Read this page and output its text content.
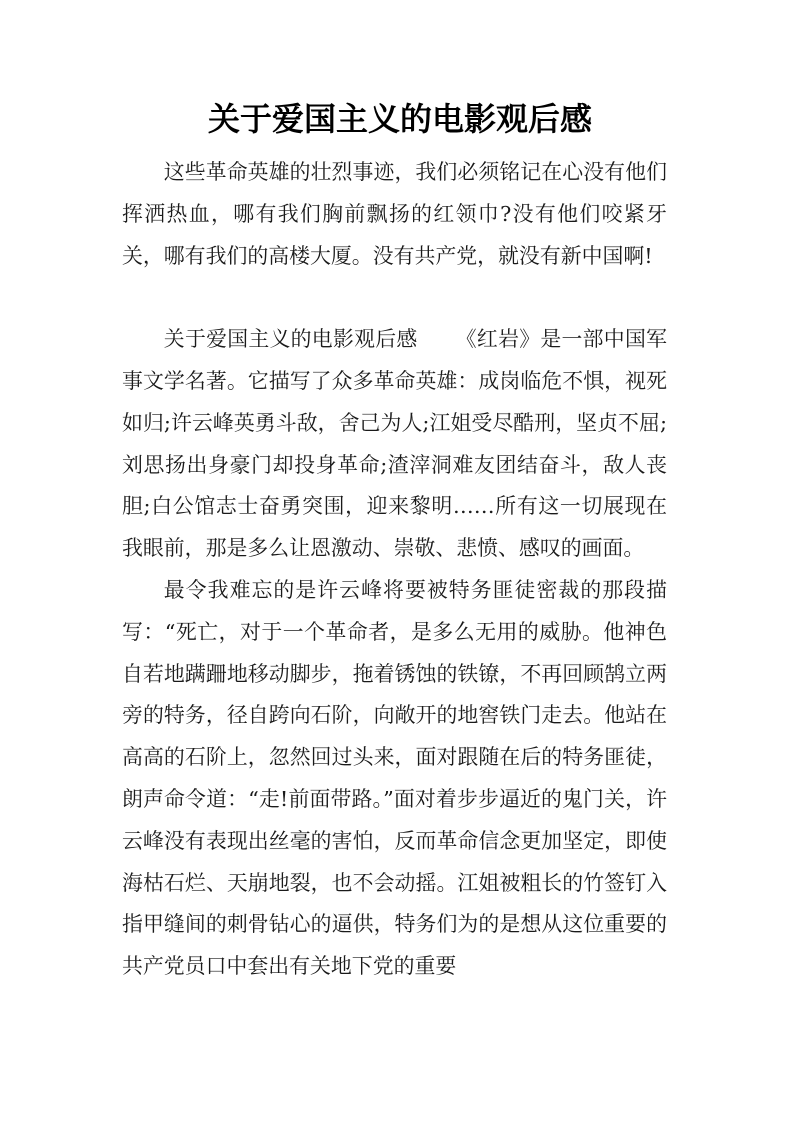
关于爱国主义的电影观后感

这些革命英雄的壮烈事迹，我们必须铭记在心没有他们挥洒热血，哪有我们胸前飘扬的红领巾?没有他们咬紧牙关，哪有我们的高楼大厦。没有共产党，就没有新中国啊!

关于爱国主义的电影观后感 《红岩》是一部中国军事文学名著。它描写了众多革命英雄：成岗临危不惧，视死如归;许云峰英勇斗敌，舍己为人;江姐受尽酷刑，坚贞不屈;刘思扬出身豪门却投身革命;渣滓洞难友团结奋斗，敌人丧胆;白公馆志士奋勇突围，迎来黎明……所有这一切展现在我眼前，那是多么让恩激动、崇敬、悲愤、感叹的画面。

最令我难忘的是许云峰将要被特务匪徒密裁的那段描写：“死亡，对于一个革命者，是多么无用的威胁。他神色自若地蹒跚地移动脚步，拖着锈蚀的铁镣，不再回顾鹄立两旁的特务，径自跨向石阶，向敞开的地窖铁门走去。他站在高高的石阶上，忽然回过头来，面对跟随在后的特务匪徒，朗声命令道：“走!前面带路。”面对着步步逼近的鬼门关，许云峰没有表现出丝毫的害怕，反而革命信念更加坚定，即使海枯石烂、天崩地裂，也不会动摇。江姐被粗长的竹签钉入指甲缝间的刺骨钻心的逼供，特务们为的是想从这位重要的共产党员口中套出有关地下党的重要
